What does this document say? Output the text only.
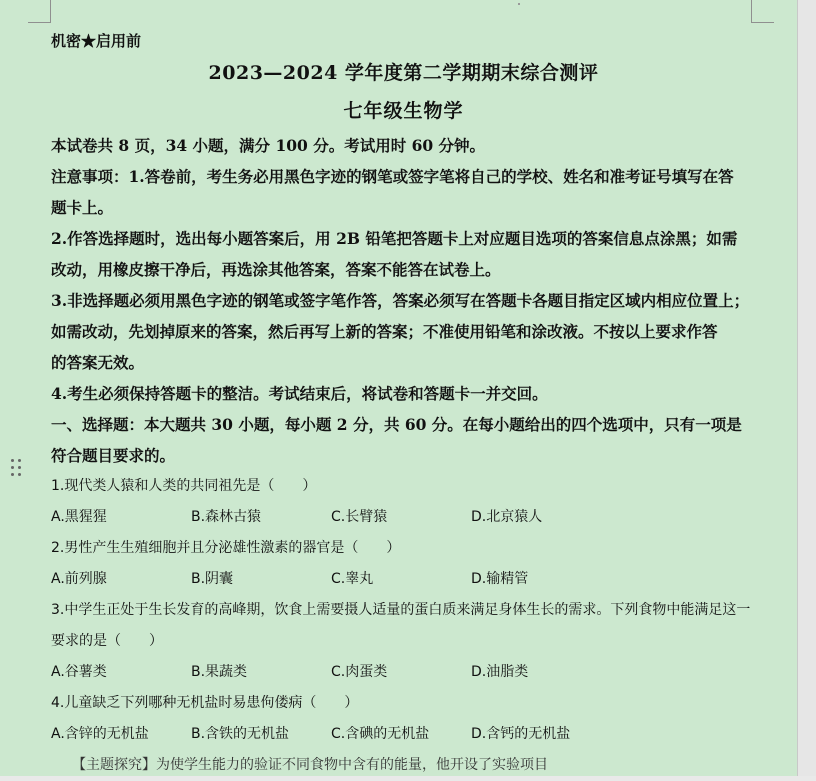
机密★启用前
2023—2024 学年度第二学期期末综合测评
七年级生物学
本试卷共 8 页，34 小题，满分 100 分。考试用时 60 分钟。
注意事项：1.答卷前，考生务必用黑色字迹的钢笔或签字笔将自己的学校、姓名和准考证号填写在答
题卡上。
2.作答选择题时，选出每小题答案后，用 2B 铅笔把答题卡上对应题目选项的答案信息点涂黑；如需
改动，用橡皮擦干净后，再选涂其他答案，答案不能答在试卷上。
3.非选择题必须用黑色字迹的钢笔或签字笔作答，答案必须写在答题卡各题目指定区域内相应位置上；
如需改动，先划掉原来的答案，然后再写上新的答案；不准使用铅笔和涂改液。不按以上要求作答
的答案无效。
4.考生必须保持答题卡的整洁。考试结束后，将试卷和答题卡一并交回。
一、选择题：本大题共 30 小题，每小题 2 分，共 60 分。在每小题给出的四个选项中，只有一项是
符合题目要求的。
1.现代类人猿和人类的共同祖先是（　　）
A.黑猩猩	B.森林古猿	C.长臂猿	D.北京猿人
2.男性产生生殖细胞并且分泌雄性激素的器官是（　　）
A.前列腺	B.阴囊	C.睾丸	D.输精管
3.中学生正处于生长发育的高峰期，饮食上需要摄人适量的蛋白质来满足身体生长的需求。下列食物中能满足这一
要求的是（　　）
A.谷薯类	B.果蔬类	C.肉蛋类	D.油脂类
4.儿童缺乏下列哪种无机盐时易患佝偻病（　　）
A.含锌的无机盐	B.含铁的无机盐	C.含碘的无机盐	D.含钙的无机盐
　　【主题探究】为使学生能力的验证不同食物中含有的能量，他开设了实验项目
